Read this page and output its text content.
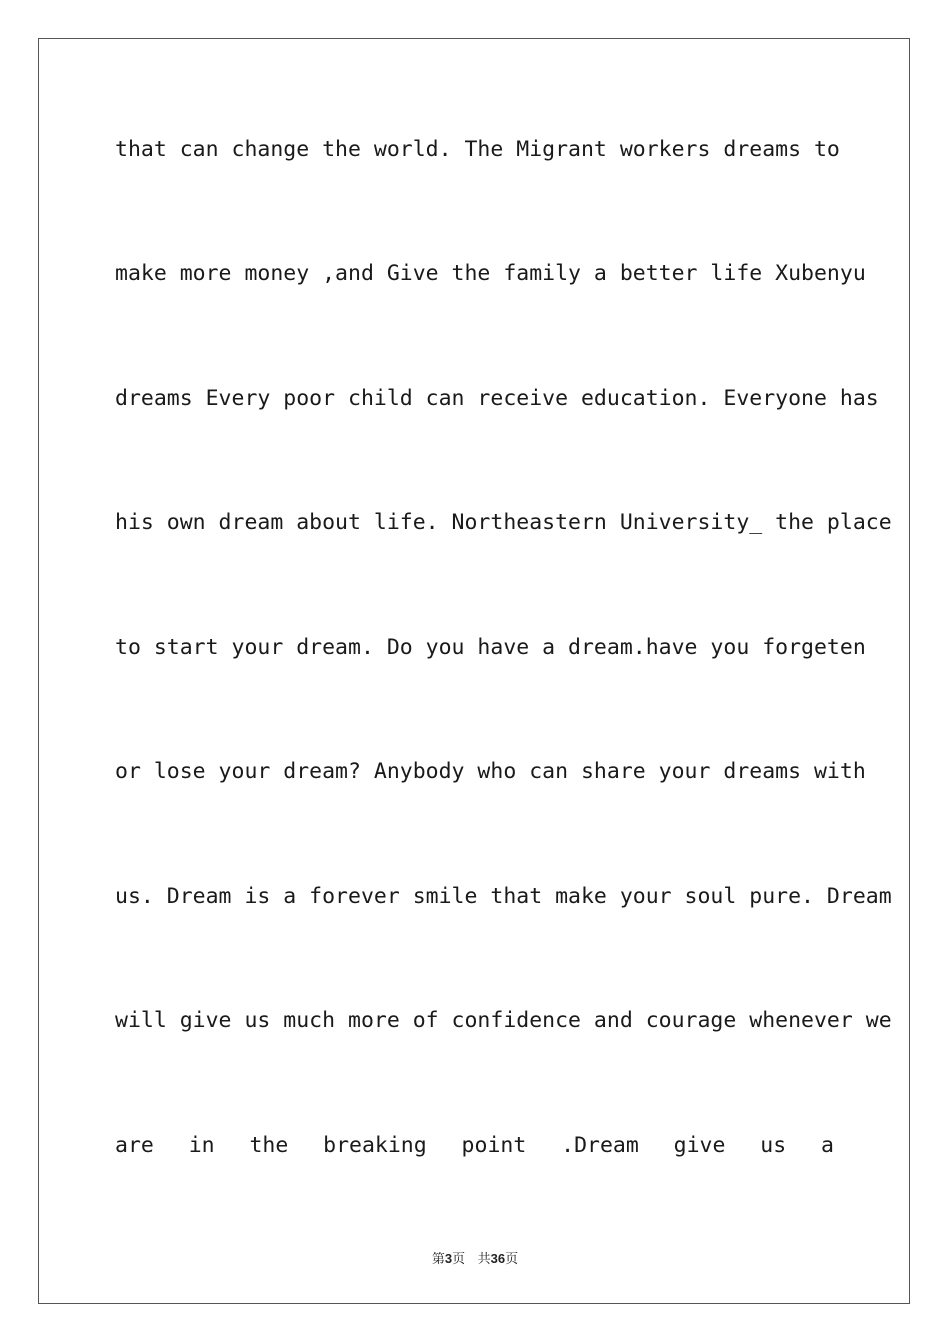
that can change the world. The Migrant workers dreams to
make more money ,and Give the family a better life Xubenyu
dreams Every poor child can receive education. Everyone has
his own dream about life. Northeastern University_ the place
to start your dream. Do you have a dream.have you forgeten
or lose your dream? Anybody who can share your dreams with
us. Dream is a forever smile that make your soul pure. Dream
will give us much more of confidence and courage whenever we
are in the breaking point .Dream give us a
第3页 共36页
